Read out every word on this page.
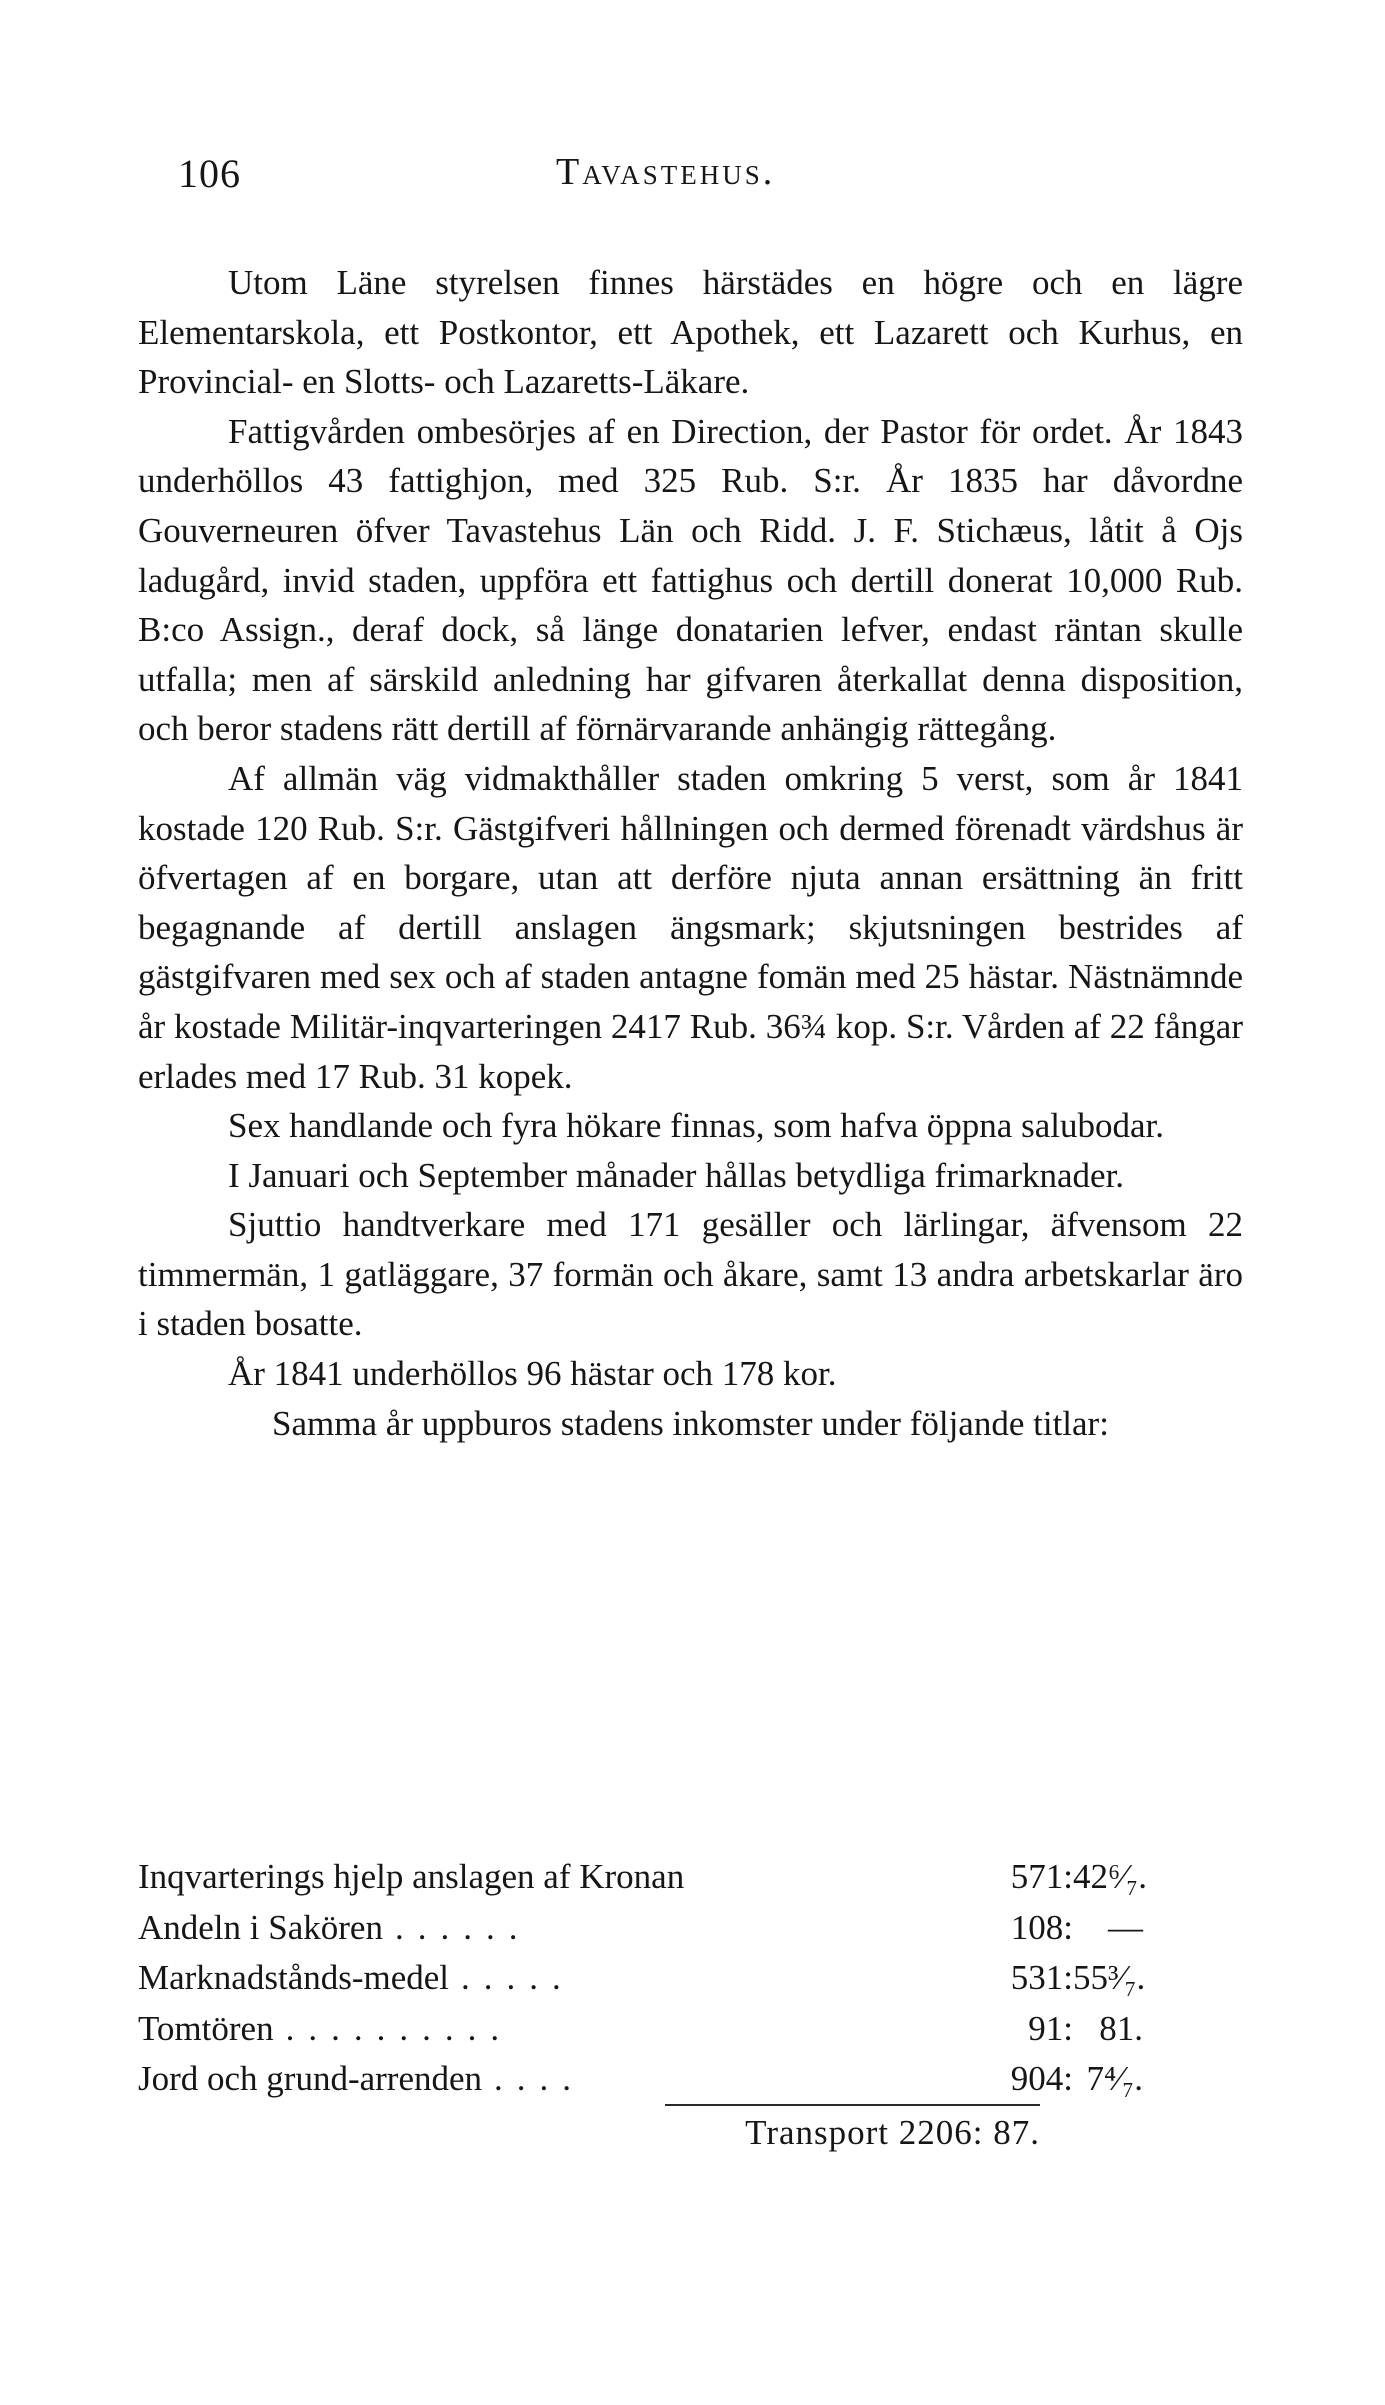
106	Tavastehus.

Utom Läne styrelsen finnes härstädes en högre och en lägre Elementarskola, ett Postkontor, ett Apothek, ett Lazarett och Kurhus, en Provincial- en Slotts- och Lazaretts-Läkare.

Fattigvården ombesörjes af en Direction, der Pastor för ordet. År 1843 underhöllos 43 fattighjon, med 325 Rub. S:r. År 1835 har dåvordne Gouverneuren öfver Tavastehus Län och Ridd. J. F. Stichæus, låtit å Ojs ladugård, invid staden, uppföra ett fattighus och dertill donerat 10,000 Rub. B:co Assign., deraf dock, så länge donatarien lefver, endast räntan skulle utfalla; men af särskild anledning har gifvaren återkallat denna disposition, och beror stadens rätt dertill af förnärvarande anhängig rättegång.

Af allmän väg vidmakthåller staden omkring 5 verst, som år 1841 kostade 120 Rub. S:r. Gästgifveri hållningen och dermed förenadt värdshus är öfvertagen af en borgare, utan att derföre njuta annan ersättning än fritt begagnande af dertill anslagen ängsmark; skjutsningen bestrides af gästgifvaren med sex och af staden antagne fomän med 25 hästar. Nästnämnde år kostade Militär-inqvarteringen 2417 Rub. 36¾ kop. S:r. Vården af 22 fångar erlades med 17 Rub. 31 kopek.

Sex handlande och fyra hökare finnas, som hafva öppna salubodar.

I Januari och September månader hållas betydliga frimarknader.

Sjuttio handtverkare med 171 gesäller och lärlingar, äfvensom 22 timmermän, 1 gatläggare, 37 formän och åkare, samt 13 andra arbetskarlar äro i staden bosatte.

År 1841 underhöllos 96 hästar och 178 kor.

Samma år uppburos stadens inkomster under följande titlar:

Inqvarterings hjelp anslagen af Kronan	571: 42⁶⁄₇.
Andeln i Sakören ......	108:	—
Marknadstånds-medel .....	531: 55³⁄₇.
Tomtören ..........	91: 81.
Jord och grund-arrenden ....	904: 7⁴⁄₇.
Transport 2206: 87.
